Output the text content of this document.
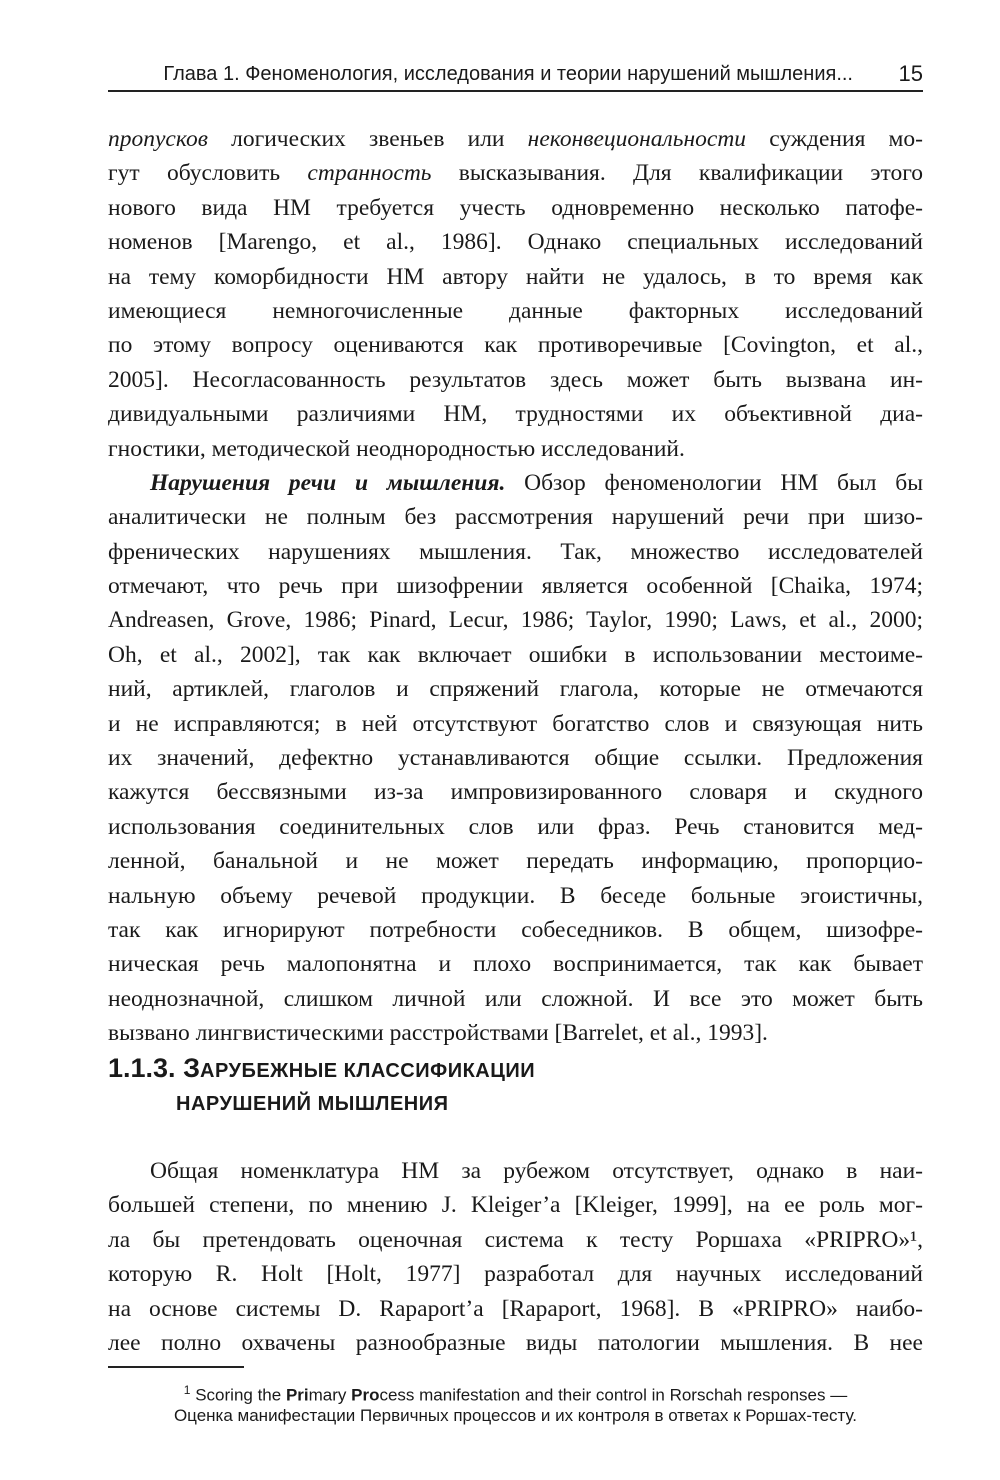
Глава 1. Феноменология, исследования и теории нарушений мышления... 15
пропусков логических звеньев или неконвециональности суждения мо-
гут обусловить странность высказывания. Для квалификации этого
нового вида НМ требуется учесть одновременно несколько патофе-
номенов [Marengo, et al., 1986]. Однако специальных исследований
на тему коморбидности НМ автору найти не удалось, в то время как
имеющиеся немногочисленные данные факторных исследований
по этому вопросу оцениваются как противоречивые [Covington, et al.,
2005]. Несогласованность результатов здесь может быть вызвана ин-
дивидуальными различиями НМ, трудностями их объективной диа-
гностики, методической неоднородностью исследований.
Нарушения речи и мышления. Обзор феноменологии НМ был бы
аналитически не полным без рассмотрения нарушений речи при шизо-
френических нарушениях мышления. Так, множество исследователей
отмечают, что речь при шизофрении является особенной [Chaika, 1974;
Andreasen, Grove, 1986; Pinard, Lecur, 1986; Taylor, 1990; Laws, et al., 2000;
Oh, et al., 2002], так как включает ошибки в использовании местоиме-
ний, артиклей, глаголов и спряжений глагола, которые не отмечаются
и не исправляются; в ней отсутствуют богатство слов и связующая нить
их значений, дефектно устанавливаются общие ссылки. Предложения
кажутся бессвязными из-за импровизированного словаря и скудного
использования соединительных слов или фраз. Речь становится мед-
ленной, банальной и не может передать информацию, пропорцио-
нальную объему речевой продукции. В беседе больные эгоистичны,
так как игнорируют потребности собеседников. В общем, шизофре-
ническая речь малопонятна и плохо воспринимается, так как бывает
неоднозначной, слишком личной или сложной. И все это может быть
вызвано лингвистическими расстройствами [Barrelet, et al., 1993].
1.1.3. ЗАРУБЕЖНЫЕ КЛАССИФИКАЦИИ
НАРУШЕНИЙ МЫШЛЕНИЯ
Общая номенклатура НМ за рубежом отсутствует, однако в наи-
большей степени, по мнению J. Kleiger’a [Kleiger, 1999], на ее роль мог-
ла бы претендовать оценочная система к тесту Роршаха «PRIPRO»¹,
которую R. Holt [Holt, 1977] разработал для научных исследований
на основе системы D. Rapaport’a [Rapaport, 1968]. В «PRIPRO» наибо-
лее полно охвачены разнообразные виды патологии мышления. В нее
$^1$ Scoring the Primary Process manifestation and their control in Rorschah responses —
Оценка манифестации Первичных процессов и их контроля в ответах к Роршах-тесту.
